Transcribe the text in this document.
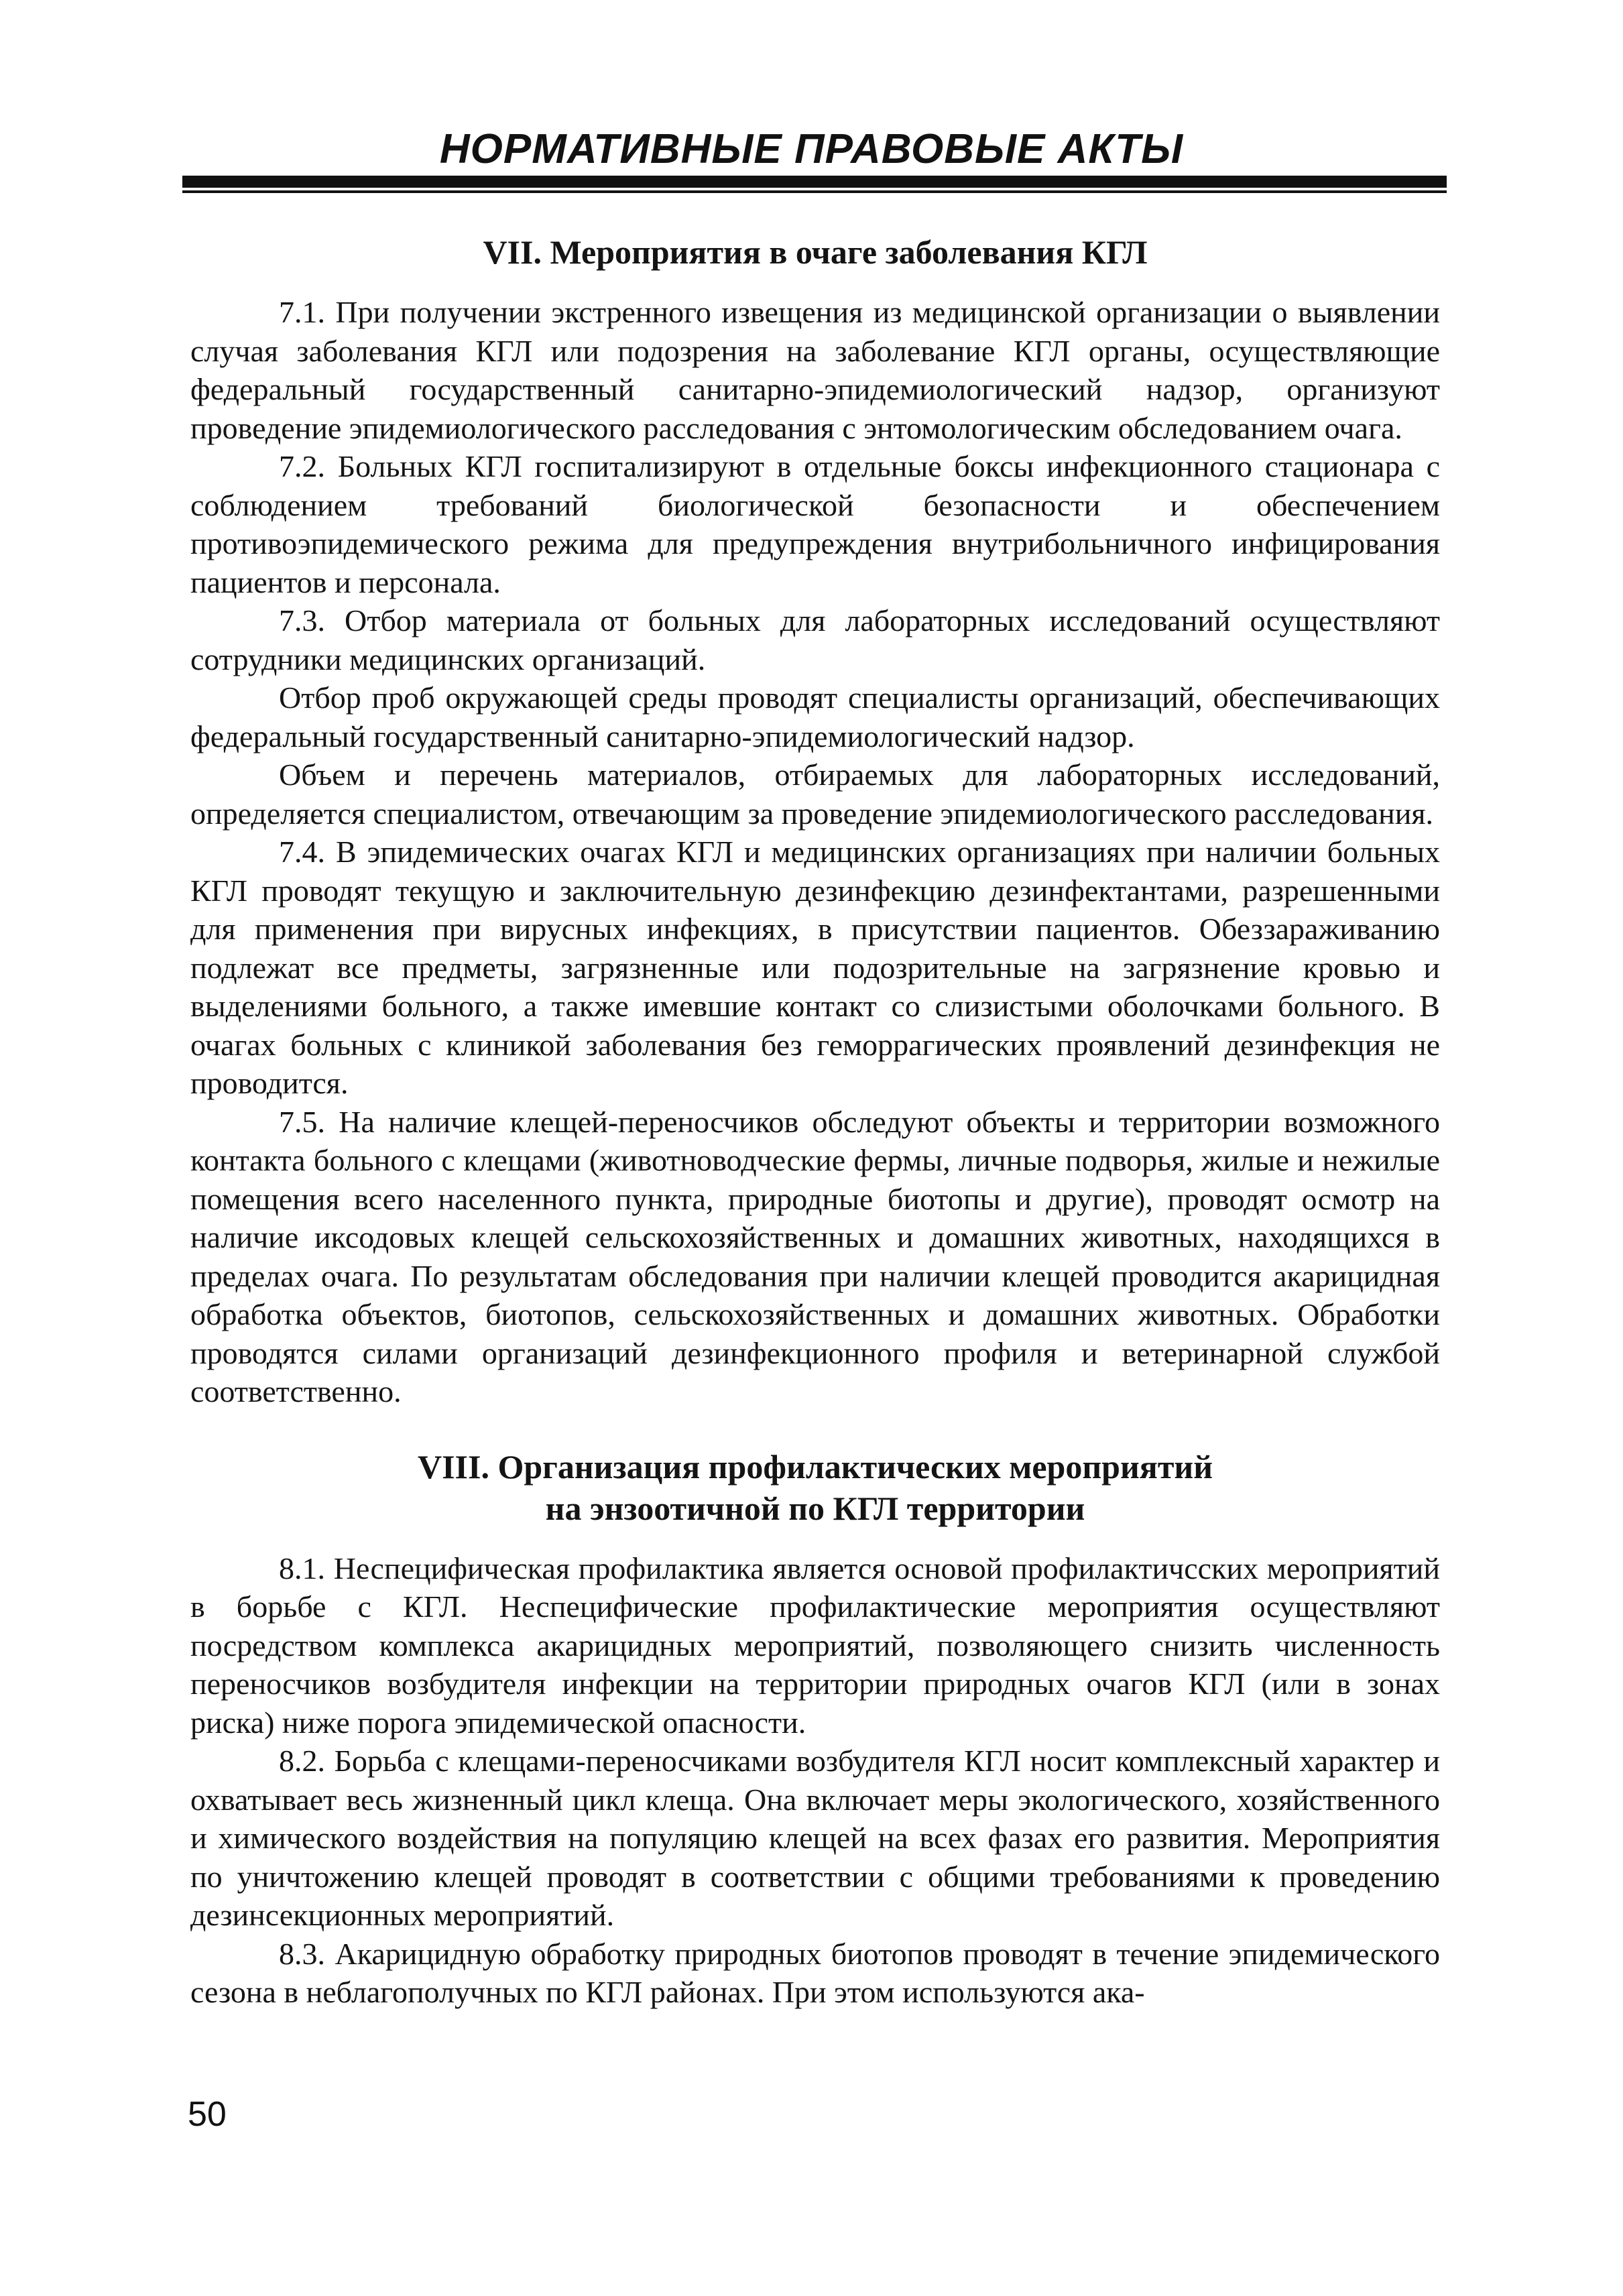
НОРМАТИВНЫЕ ПРАВОВЫЕ АКТЫ
VII. Мероприятия в очаге заболевания КГЛ

7.1. При получении экстренного извещения из медицинской организации о выявлении случая заболевания КГЛ или подозрения на заболевание КГЛ органы, осуществляющие федеральный государственный санитарно-эпидемиологический надзор, организуют проведение эпидемиологического расследования с энтомологическим обследованием очага.

7.2. Больных КГЛ госпитализируют в отдельные боксы инфекционного стационара с соблюдением требований биологической безопасности и обеспечением противоэпидемического режима для предупреждения внутрибольничного инфицирования пациентов и персонала.

7.3. Отбор материала от больных для лабораторных исследований осуществляют сотрудники медицинских организаций.

Отбор проб окружающей среды проводят специалисты организаций, обеспечивающих федеральный государственный санитарно-эпидемиологический надзор.

Объем и перечень материалов, отбираемых для лабораторных исследований, определяется специалистом, отвечающим за проведение эпидемиологического расследования.

7.4. В эпидемических очагах КГЛ и медицинских организациях при наличии больных КГЛ проводят текущую и заключительную дезинфекцию дезинфектантами, разрешенными для применения при вирусных инфекциях, в присутствии пациентов. Обеззараживанию подлежат все предметы, загрязненные или подозрительные на загрязнение кровью и выделениями больного, а также имевшие контакт со слизистыми оболочками больного. В очагах больных с клиникой заболевания без геморрагических проявлений дезинфекция не проводится.

7.5. На наличие клещей-переносчиков обследуют объекты и территории возможного контакта больного с клещами (животноводческие фермы, личные подворья, жилые и нежилые помещения всего населенного пункта, природные биотопы и другие), проводят осмотр на наличие иксодовых клещей сельскохозяйственных и домашних животных, находящихся в пределах очага. По результатам обследования при наличии клещей проводится акарицидная обработка объектов, биотопов, сельскохозяйственных и домашних животных. Обработки проводятся силами организаций дезинфекционного профиля и ветеринарной службой соответственно.

VIII. Организация профилактических мероприятий
на энзоотичной по КГЛ территории

8.1. Неспецифическая профилактика является основой профилактичсских мероприятий в борьбе с КГЛ. Неспецифические профилактические мероприятия осуществляют посредством комплекса акарицидных мероприятий, позволяющего снизить численность переносчиков возбудителя инфекции на территории природных очагов КГЛ (или в зонах риска) ниже порога эпидемической опасности.

8.2. Борьба с клещами-переносчиками возбудителя КГЛ носит комплексный характер и охватывает весь жизненный цикл клеща. Она включает меры экологического, хозяйственного и химического воздействия на популяцию клещей на всех фазах его развития. Мероприятия по уничтожению клещей проводят в соответствии с общими требованиями к проведению дезинсекционных мероприятий.

8.3. Акарицидную обработку природных биотопов проводят в течение эпидемического сезона в неблагополучных по КГЛ районах. При этом используются ака-

50
